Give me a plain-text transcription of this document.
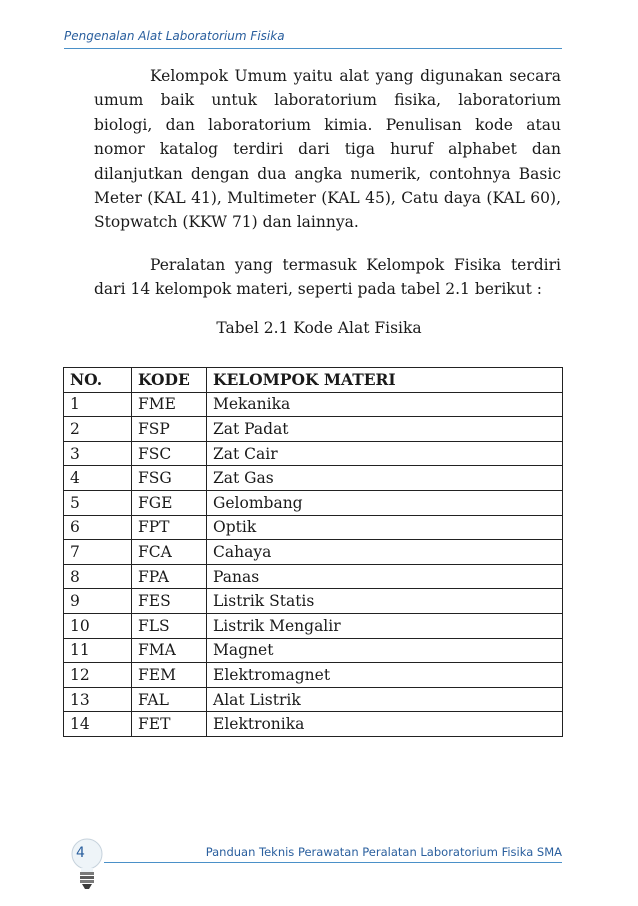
Pengenalan Alat Laboratorium Fisika

Kelompok Umum yaitu alat yang digunakan secara umum baik untuk laboratorium fisika, laboratorium biologi, dan laboratorium kimia. Penulisan kode atau nomor katalog terdiri dari tiga huruf alphabet dan dilanjutkan dengan dua angka numerik, contohnya Basic Meter (KAL 41), Multimeter (KAL 45), Catu daya (KAL 60), Stopwatch (KKW 71) dan lainnya.

Peralatan yang termasuk Kelompok Fisika terdiri dari 14 kelompok materi, seperti pada tabel 2.1 berikut :

Tabel 2.1 Kode Alat Fisika
NO.	KODE	KELOMPOK MATERI
1	FME	Mekanika
2	FSP	Zat Padat
3	FSC	Zat Cair
4	FSG	Zat Gas
5	FGE	Gelombang
6	FPT	Optik
7	FCA	Cahaya
8	FPA	Panas
9	FES	Listrik Statis
10	FLS	Listrik Mengalir
11	FMA	Magnet
12	FEM	Elektromagnet
13	FAL	Alat Listrik
14	FET	Elektronika
4	Panduan Teknis Perawatan Peralatan Laboratorium Fisika SMA
